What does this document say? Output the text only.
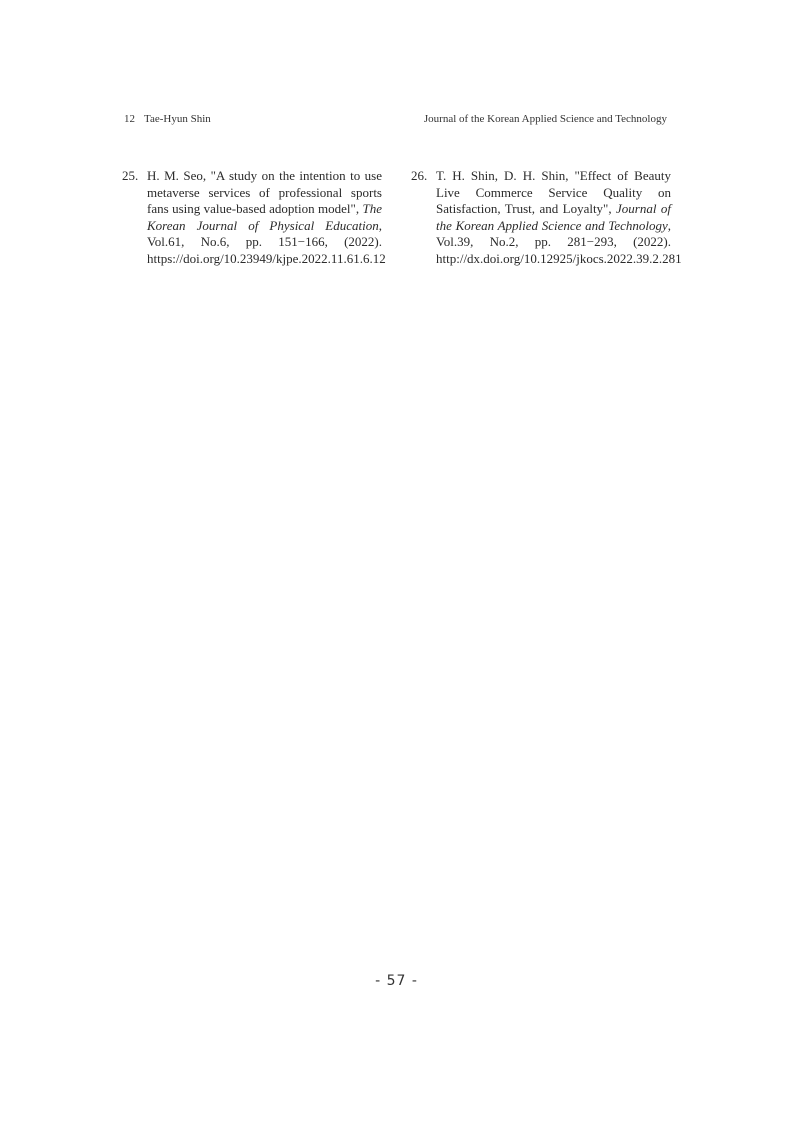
12 Tae-Hyun Shin	Journal of the Korean Applied Science and Technology
25. H. M. Seo, "A study on the intention to use metaverse services of professional sports fans using value-based adoption model", The Korean Journal of Physical Education, Vol.61, No.6, pp. 151−166, (2022). https://doi.org/10.23949/kjpe.2022.11.61.6.12
26. T. H. Shin, D. H. Shin, "Effect of Beauty Live Commerce Service Quality on Satisfaction, Trust, and Loyalty", Journal of the Korean Applied Science and Technology, Vol.39, No.2, pp. 281−293, (2022). http://dx.doi.org/10.12925/jkocs.2022.39.2.281
- 57 -
